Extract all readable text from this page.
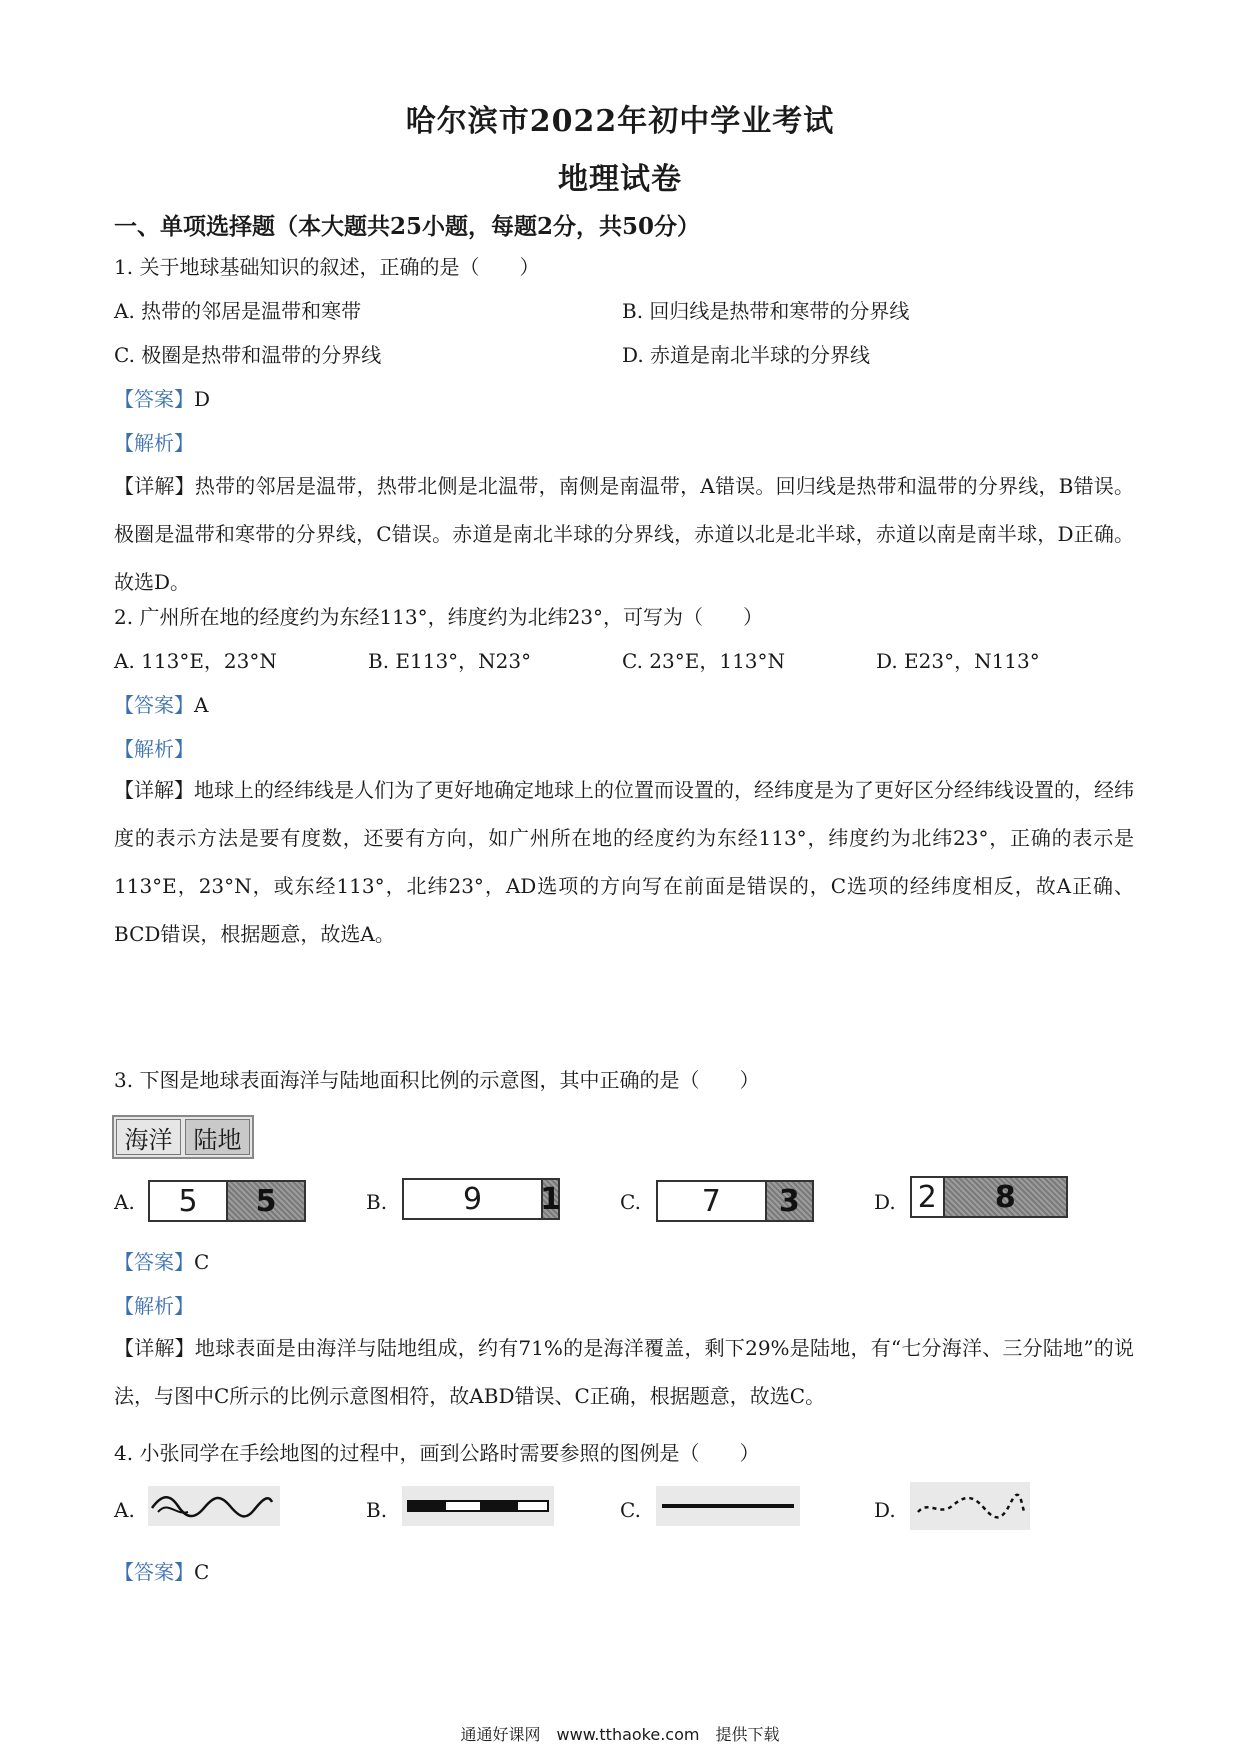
哈尔滨市2022年初中学业考试
地理试卷
一、单项选择题（本大题共25小题，每题2分，共50分）
1. 关于地球基础知识的叙述，正确的是（　　）
A. 热带的邻居是温带和寒带	B. 回归线是热带和寒带的分界线
C. 极圈是热带和温带的分界线	D. 赤道是南北半球的分界线
【答案】D
【解析】
【详解】热带的邻居是温带，热带北侧是北温带，南侧是南温带，A错误。回归线是热带和温带的分界线，B错误。极圈是温带和寒带的分界线，C错误。赤道是南北半球的分界线，赤道以北是北半球，赤道以南是南半球，D正确。故选D。
2. 广州所在地的经度约为东经113°，纬度约为北纬23°，可写为（　　）
A. 113°E，23°N	B. E113°，N23°	C. 23°E，113°N	D. E23°，N113°
【答案】A
【解析】
【详解】地球上的经纬线是人们为了更好地确定地球上的位置而设置的，经纬度是为了更好区分经纬线设置的，经纬度的表示方法是要有度数，还要有方向，如广州所在地的经度约为东经113°，纬度约为北纬23°，正确的表示是113°E，23°N，或东经113°，北纬23°，AD选项的方向写在前面是错误的，C选项的经纬度相反，故A正确、BCD错误，根据题意，故选A。
3. 下图是地球表面海洋与陆地面积比例的示意图，其中正确的是（　　）
海洋 陆地
A.	5	5	B.	9	1	C.	7	3	D. 2	8
【答案】C
【解析】
【详解】地球表面是由海洋与陆地组成，约有71%的是海洋覆盖，剩下29%是陆地，有“七分海洋、三分陆地”的说法，与图中C所示的比例示意图相符，故ABD错误、C正确，根据题意，故选C。
4. 小张同学在手绘地图的过程中，画到公路时需要参照的图例是（　　）
A.	B.	C.	D.
【答案】C
通通好课网　www.tthaoke.com　提供下载
